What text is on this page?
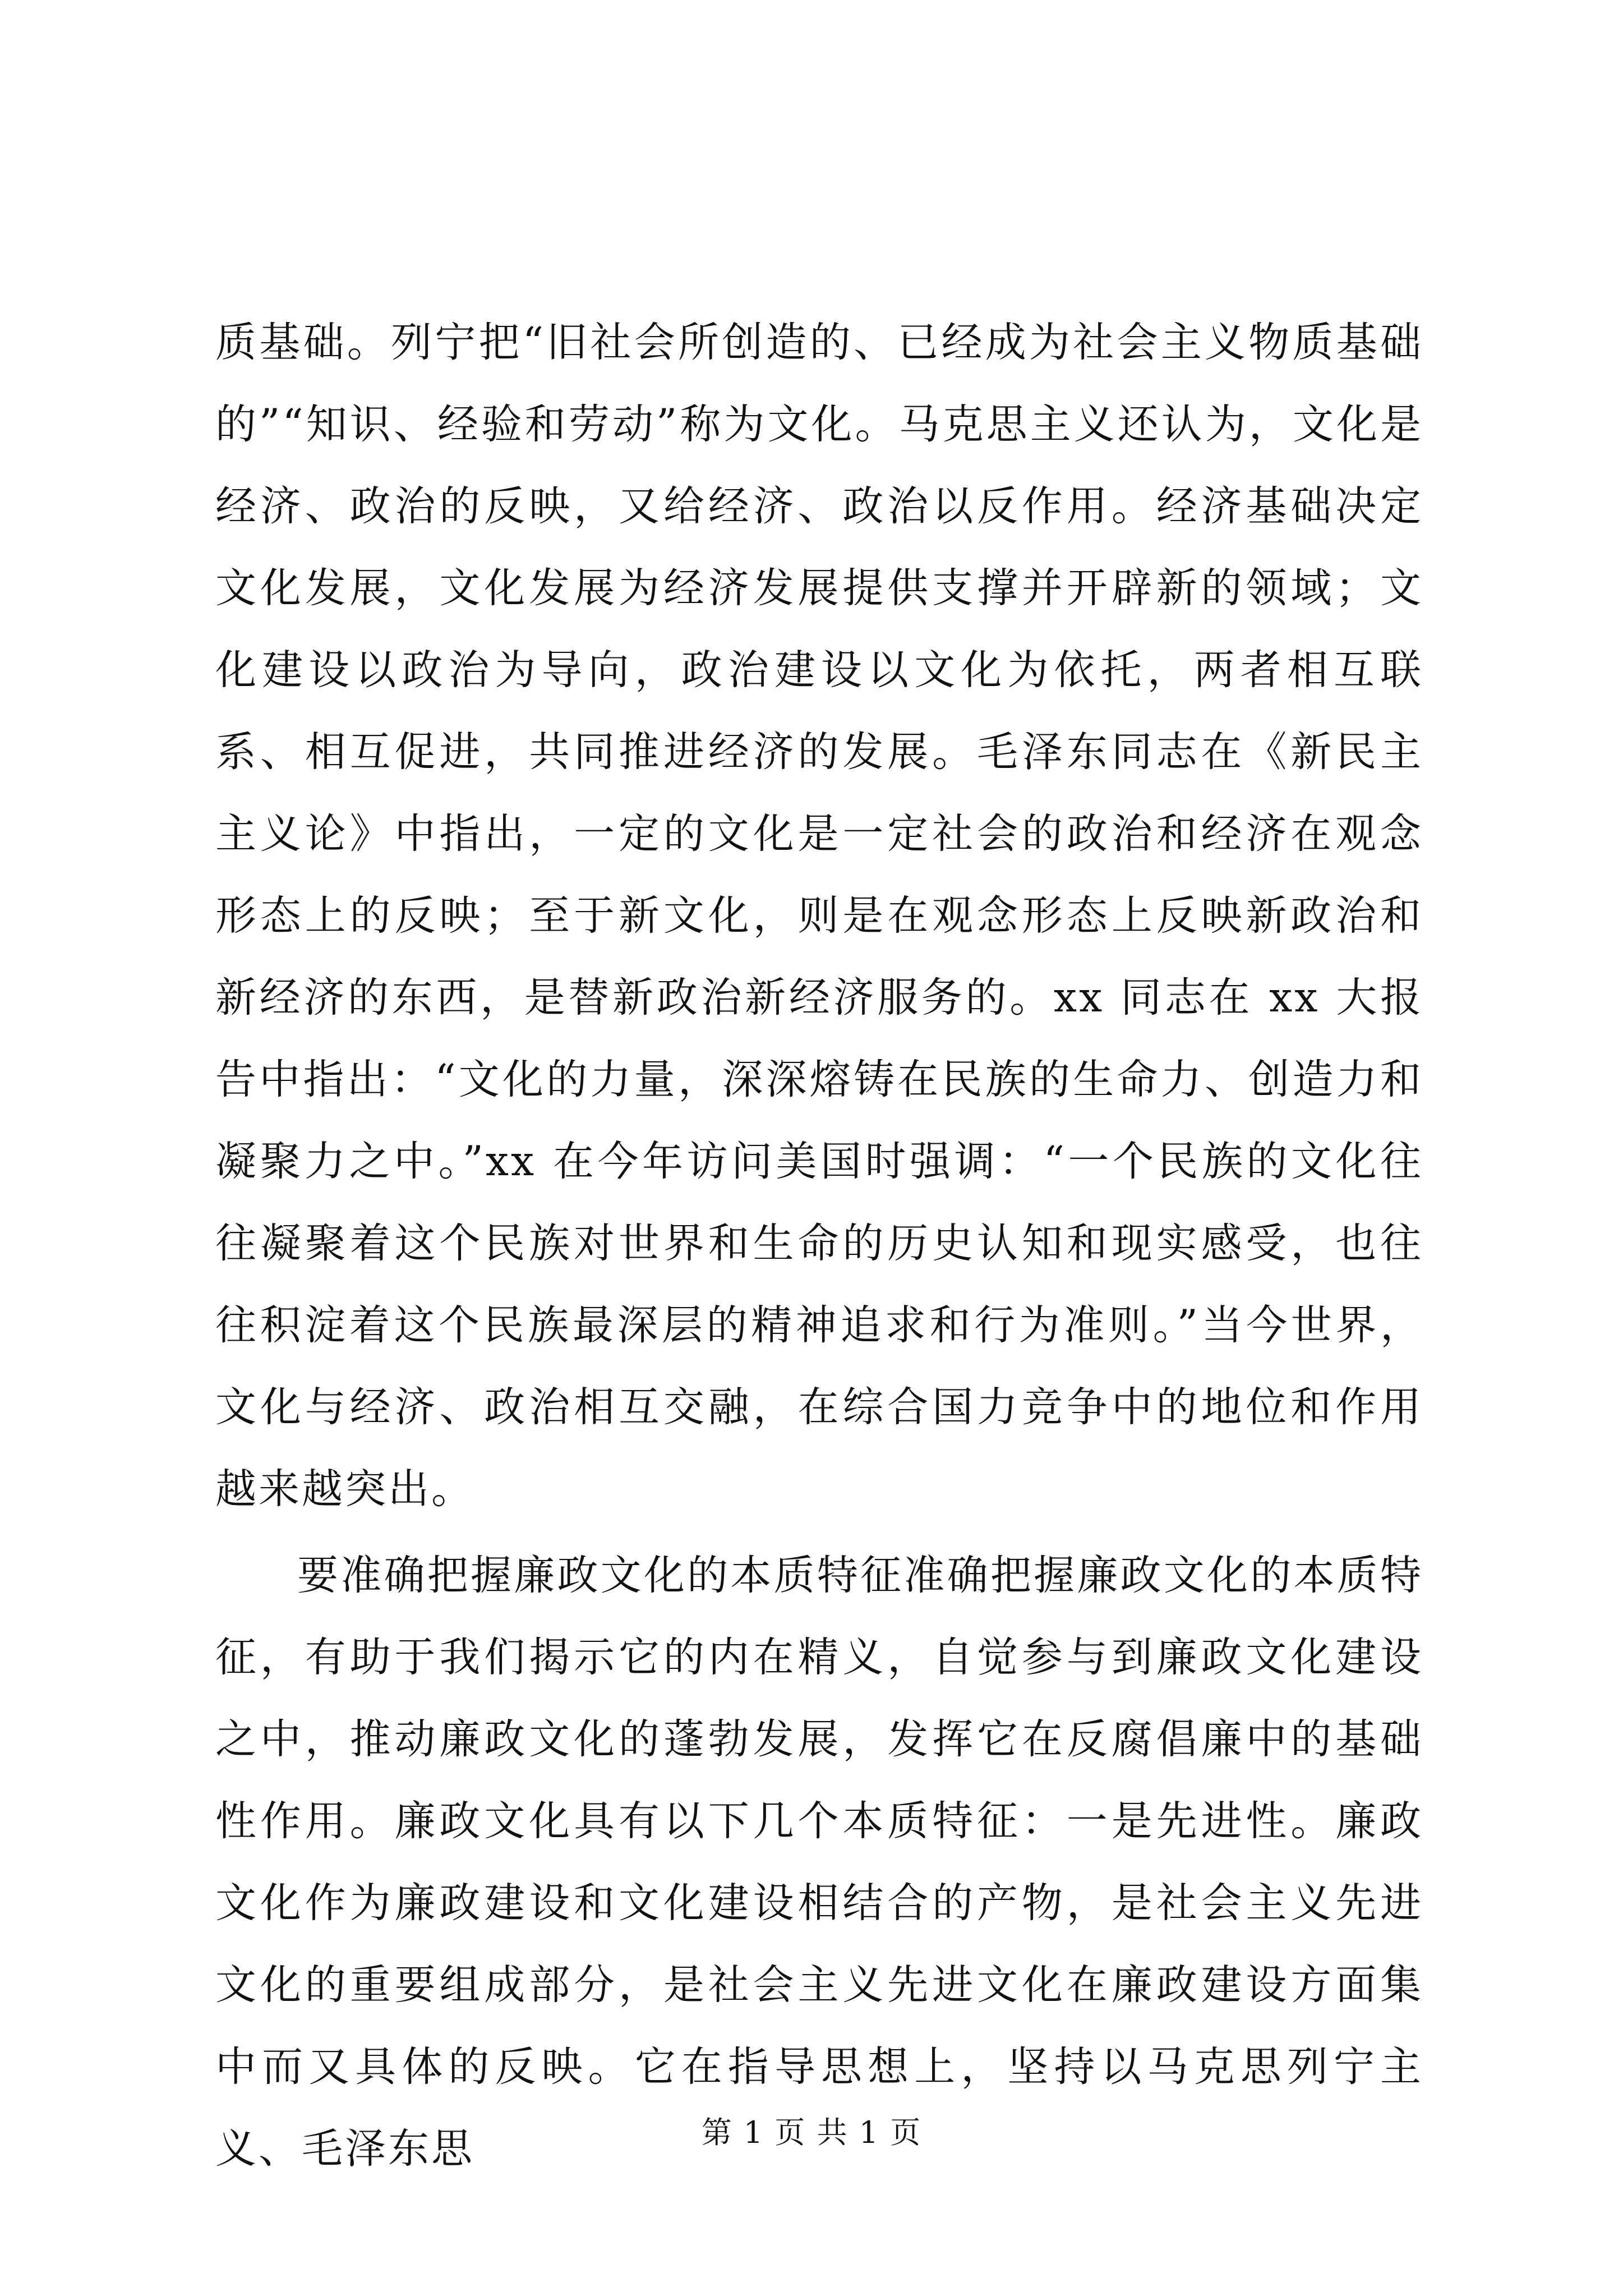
质基础。列宁把“旧社会所创造的、已经成为社会主义物质基础的”“知识、经验和劳动”称为文化。马克思主义还认为，文化是经济、政治的反映，又给经济、政治以反作用。经济基础决定文化发展，文化发展为经济发展提供支撑并开辟新的领域；文化建设以政治为导向，政治建设以文化为依托，两者相互联系、相互促进，共同推进经济的发展。毛泽东同志在《新民主主义论》中指出，一定的文化是一定社会的政治和经济在观念形态上的反映；至于新文化，则是在观念形态上反映新政治和新经济的东西，是替新政治新经济服务的。xx 同志在 xx 大报告中指出：“文化的力量，深深熔铸在民族的生命力、创造力和凝聚力之中。”xx 在今年访问美国时强调：“一个民族的文化往往凝聚着这个民族对世界和生命的历史认知和现实感受，也往往积淀着这个民族最深层的精神追求和行为准则。”当今世界，文化与经济、政治相互交融，在综合国力竞争中的地位和作用越来越突出。

要准确把握廉政文化的本质特征准确把握廉政文化的本质特征，有助于我们揭示它的内在精义，自觉参与到廉政文化建设之中，推动廉政文化的蓬勃发展，发挥它在反腐倡廉中的基础性作用。廉政文化具有以下几个本质特征：一是先进性。廉政文化作为廉政建设和文化建设相结合的产物，是社会主义先进文化的重要组成部分，是社会主义先进文化在廉政建设方面集中而又具体的反映。它在指导思想上，坚持以马克思列宁主义、毛泽东思	第 1 页 共 1 页
